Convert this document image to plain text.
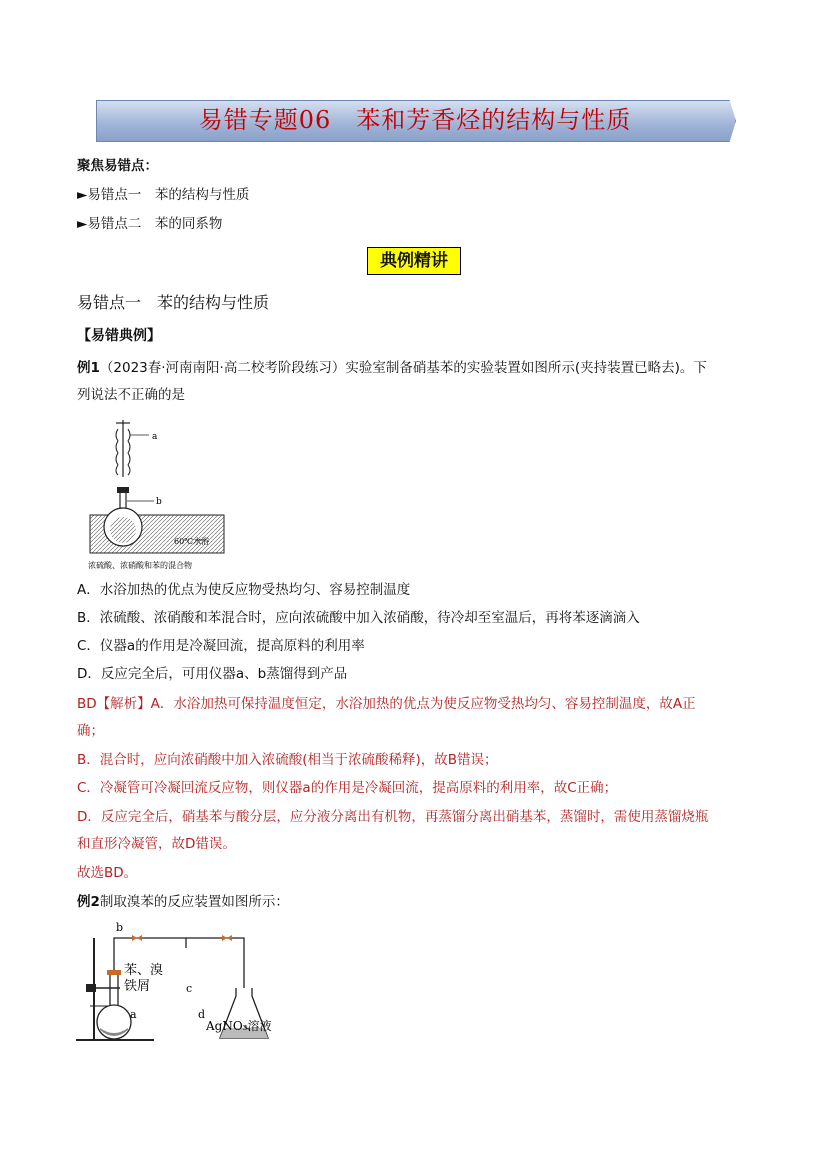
易错专题06　苯和芳香烃的结构与性质
聚焦易错点：
►易错点一　苯的结构与性质
►易错点二　苯的同系物
典例精讲
易错点一　苯的结构与性质
【易错典例】
例1（2023春·河南南阳·高二校考阶段练习）实验室制备硝基苯的实验装置如图所示(夹持装置已略去)。下
列说法不正确的是
a
b
60℃水浴
浓硫酸、浓硝酸和苯的混合物
A．水浴加热的优点为使反应物受热均匀、容易控制温度
B．浓硫酸、浓硝酸和苯混合时，应向浓硫酸中加入浓硝酸，待冷却至室温后，再将苯逐滴滴入
C．仪器a的作用是冷凝回流，提高原料的利用率
D．反应完全后，可用仪器a、b蒸馏得到产品
BD【解析】A．水浴加热可保持温度恒定，水浴加热的优点为使反应物受热均匀、容易控制温度，故A正
确；
B．混合时，应向浓硝酸中加入浓硫酸(相当于浓硫酸稀释)，故B错误；
C．冷凝管可冷凝回流反应物，则仪器a的作用是冷凝回流，提高原料的利用率，故C正确；
D．反应完全后，硝基苯与酸分层，应分液分离出有机物，再蒸馏分离出硝基苯，蒸馏时，需使用蒸馏烧瓶
和直形冷凝管，故D错误。
故选BD。
例2制取溴苯的反应装置如图所示：
b
苯、溴
铁屑
a
c
d
AgNO₃溶液
